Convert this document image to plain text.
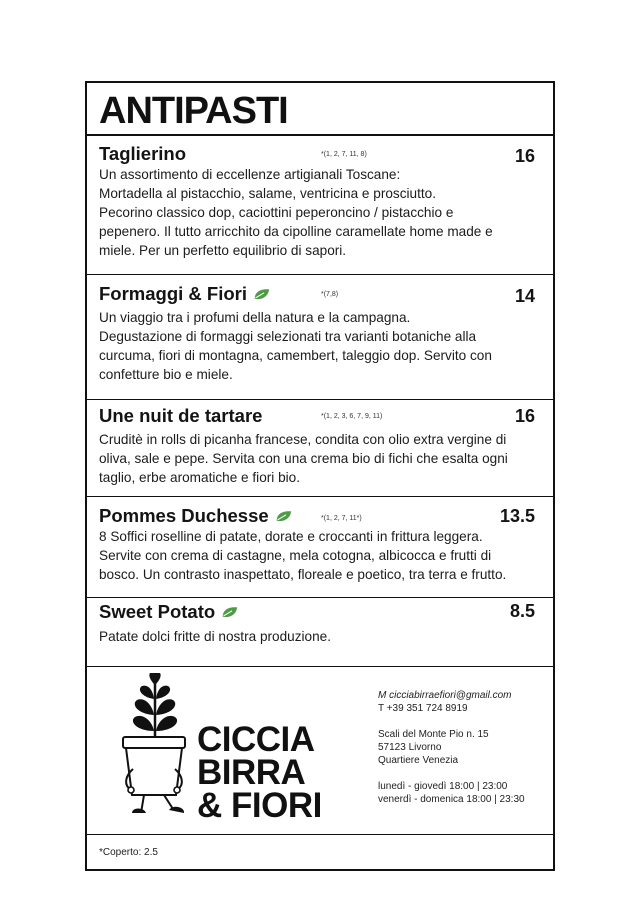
ANTIPASTI
Taglierino	*(1, 2, 7, 11, 8)	16
Un assortimento di eccellenze artigianali Toscane:
Mortadella al pistacchio, salame, ventricina e prosciutto.
Pecorino classico dop, caciottini peperoncino / pistacchio e
pepenero. Il tutto arricchito da cipolline caramellate home made e
miele. Per un perfetto equilibrio di sapori.
Formaggi & Fiori	*(7,8)	14
Un viaggio tra i profumi della natura e la campagna.
Degustazione di formaggi selezionati tra varianti botaniche alla
curcuma, fiori di montagna, camembert, taleggio dop. Servito con
confetture bio e miele.
Une nuit de tartare	*(1, 2, 3, 6, 7, 9, 11)	16
Cruditè in rolls di picanha francese, condita con olio extra vergine di
oliva, sale e pepe. Servita con una crema bio di fichi che esalta ogni
taglio, erbe aromatiche e fiori bio.
Pommes Duchesse	*(1, 2, 7, 11*)	13.5
8 Soffici roselline di patate, dorate e croccanti in frittura leggera.
Servite con crema di castagne, mela cotogna, albicocca e frutti di
bosco. Un contrasto inaspettato, floreale e poetico, tra terra e frutto.
Sweet Potato	8.5
Patate dolci fritte di nostra produzione.
CICCIA
BIRRA
& FIORI
M cicciabirraefiori@gmail.com
T +39 351 724 8919
Scali del Monte Pio n. 15
57123 Livorno
Quartiere Venezia
lunedì - giovedì 18:00 | 23:00
venerdì - domenica 18:00 | 23:30
*Coperto: 2.5
